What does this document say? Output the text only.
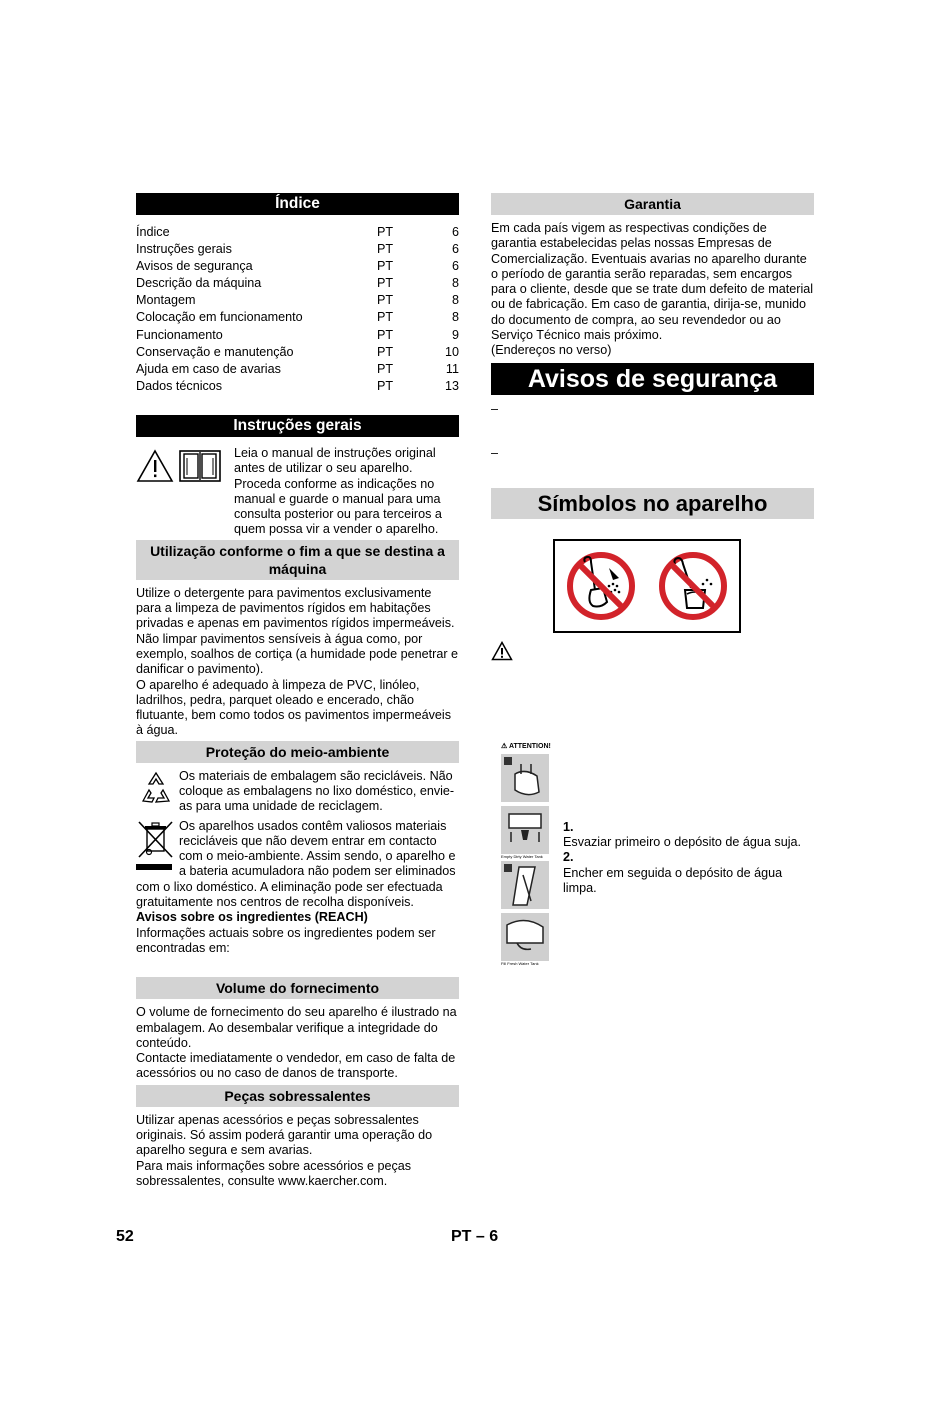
Índice
Índice	PT	6
Instruções gerais	PT	6
Avisos de segurança	PT	6
Descrição da máquina	PT	8
Montagem	PT	8
Colocação em funcionamento	PT	8
Funcionamento	PT	9
Conservação e manutenção	PT	10
Ajuda em caso de avarias	PT	11
Dados técnicos	PT	13
Instruções gerais

Leia o manual de instruções original antes de utilizar o seu aparelho. Proceda conforme as indicações no manual e guarde o manual para uma consulta posterior ou para terceiros a quem possa vir a vender o aparelho.

Utilização conforme o fim a que se destina a máquina

Utilize o detergente para pavimentos exclusivamente para a limpeza de pavimentos rígidos em habitações privadas e apenas em pavimentos rígidos impermeáveis.

Não limpar pavimentos sensíveis à água como, por exemplo, soalhos de cortiça (a humidade pode penetrar e danificar o pavimento).

O aparelho é adequado à limpeza de PVC, linóleo, ladrilhos, pedra, parquet oleado e encerado, chão flutuante, bem como todos os pavimentos impermeáveis à água.

Proteção do meio-ambiente

Os materiais de embalagem são recicláveis. Não coloque as embalagens no lixo doméstico, envie-as para uma unidade de reciclagem.

Os aparelhos usados contêm valiosos materiais recicláveis que não devem entrar em contacto com o meio-ambiente. Assim sendo, o aparelho e a bateria acumuladora não podem ser eliminados com o lixo doméstico. A eliminação pode ser efectuada gratuitamente nos centros de recolha disponíveis.

Avisos sobre os ingredientes (REACH)

Informações actuais sobre os ingredientes podem ser encontradas em:

Volume do fornecimento

O volume de fornecimento do seu aparelho é ilustrado na embalagem. Ao desembalar verifique a integridade do conteúdo.

Contacte imediatamente o vendedor, em caso de falta de acessórios ou no caso de danos de transporte.

Peças sobressalentes

Utilizar apenas acessórios e peças sobressalentes originais. Só assim poderá garantir uma operação do aparelho segura e sem avarias.

Para mais informações sobre acessórios e peças sobressalentes, consulte www.kaercher.com.

Garantia

Em cada país vigem as respectivas condições de garantia estabelecidas pelas nossas Empresas de Comercialização. Eventuais avarias no aparelho durante o período de garantia serão reparadas, sem encargos para o cliente, desde que se trate dum defeito de material ou de fabricação. Em caso de garantia, dirija-se, munido do documento de compra, ao seu revendedor ou ao Serviço Técnico mais próximo.

(Endereços no verso)

Avisos de segurança
–
–
Símbolos no aparelho
⚠ ATTENTION!
Empty Dirty Water Tank
Fill Fresh Water Tank

1.

Esvaziar primeiro o depósito de água suja.

2.

Encher em seguida o depósito de água limpa.

52	PT – 6
